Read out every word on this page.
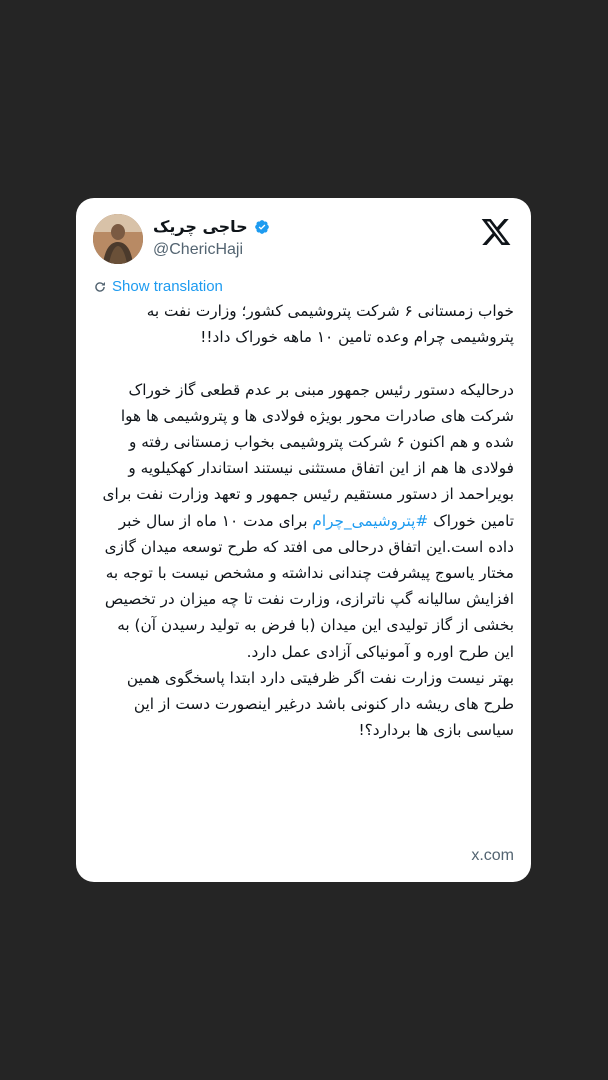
حاجی چریک
@ChericHaji
Show translation

خواب زمستانی ۶ شرکت پتروشیمی کشور؛ وزارت نفت به پتروشیمی چرام وعده تامین ۱۰ ماهه خوراک داد!!

درحالیکه دستور رئیس جمهور مبنی بر عدم قطعی گاز خوراک شرکت های صادرات محور بویژه فولادی ها و پتروشیمی ها هوا شده و هم اکنون ۶ شرکت پتروشیمی بخواب زمستانی رفته و فولادی ها هم از این اتفاق مستثنی نیستند استاندار کهکیلویه و بویراحمد از دستور مستقیم رئیس جمهور و تعهد وزارت نفت برای تامین خوراک #پتروشیمی_چرام برای مدت ۱۰ ماه از سال خبر داده است.این اتفاق درحالی می افتد که طرح توسعه میدان گازی مختار یاسوج پیشرفت چندانی نداشته و مشخص نیست با توجه به افزایش سالیانه گپ ناترازی، وزارت نفت تا چه میزان در تخصیص بخشی از گاز تولیدی این میدان (با فرض به تولید رسیدن آن) به این طرح اوره و آمونیاکی آزادی عمل دارد.

بهتر نیست وزارت نفت اگر ظرفیتی دارد ابتدا پاسخگوی همین طرح های ریشه دار کنونی باشد درغیر اینصورت دست از این سیاسی بازی ها بردارد؟!

x.com
